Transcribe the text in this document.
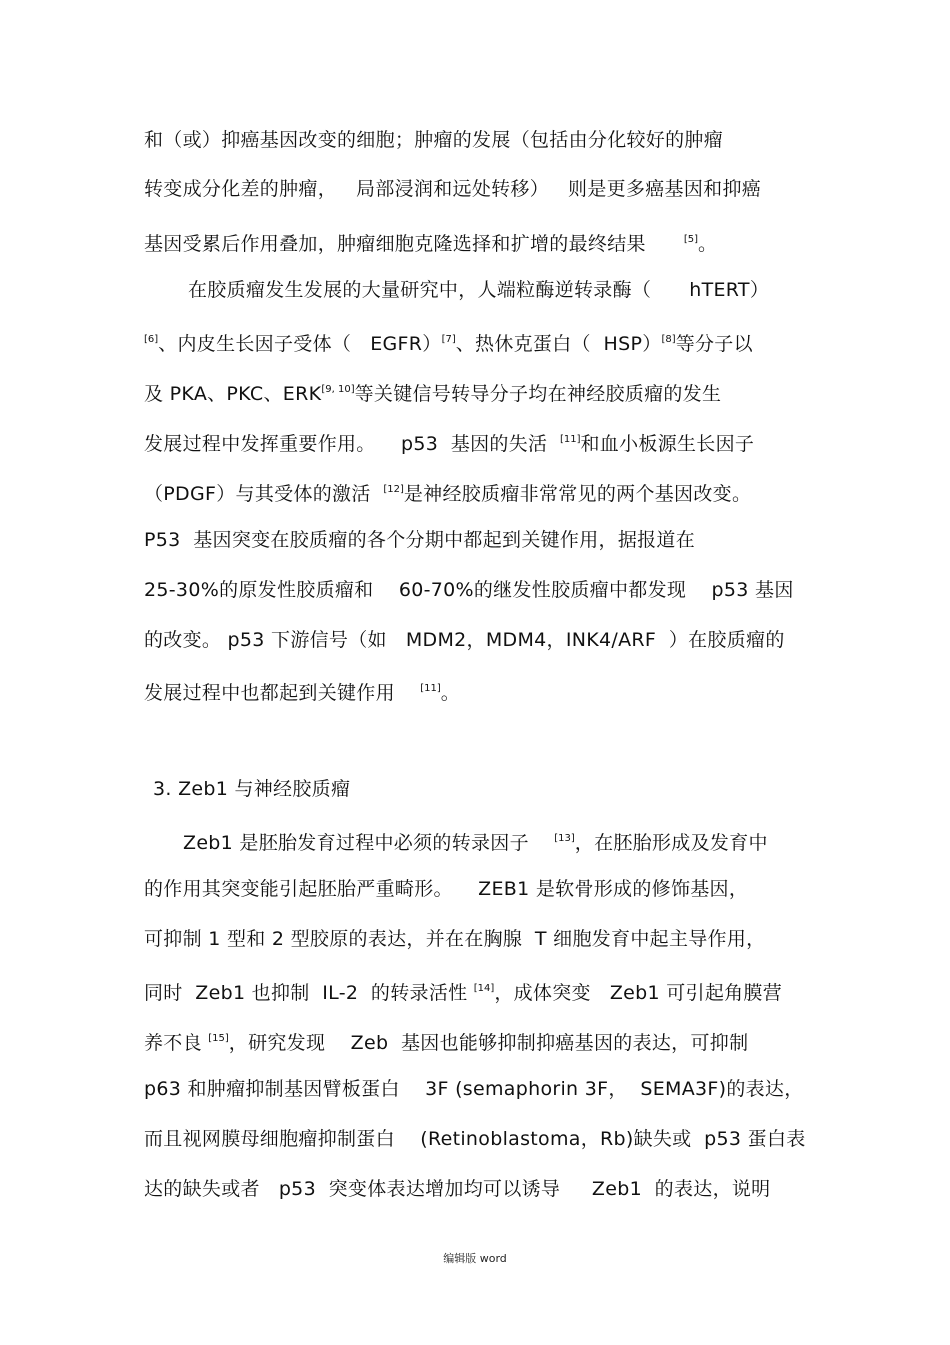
和（或）抑癌基因改变的细胞；肿瘤的发展（包括由分化较好的肿瘤
转变成分化差的肿瘤，   局部浸润和远处转移）   则是更多癌基因和抑癌
基因受累后作用叠加，肿瘤细胞克隆选择和扩增的最终结果      [5]。
在胶质瘤发生发展的大量研究中，人端粒酶逆转录酶（      hTERT）
[6]、内皮生长因子受体（   EGFR）[7]、热休克蛋白（  HSP）[8]等分子以
及 PKA、PKC、ERK[9, 10]等关键信号转导分子均在神经胶质瘤的发生
发展过程中发挥重要作用。    p53  基因的失活  [11]和血小板源生长因子
（PDGF）与其受体的激活  [12]是神经胶质瘤非常常见的两个基因改变。
P53  基因突变在胶质瘤的各个分期中都起到关键作用，据报道在
25-30%的原发性胶质瘤和    60-70%的继发性胶质瘤中都发现    p53 基因
的改变。 p53 下游信号（如   MDM2，MDM4，INK4/ARF  ）在胶质瘤的
发展过程中也都起到关键作用    [11]。
3. Zeb1 与神经胶质瘤
Zeb1 是胚胎发育过程中必须的转录因子    [13]，在胚胎形成及发育中
的作用其突变能引起胚胎严重畸形。    ZEB1 是软骨形成的修饰基因，
可抑制 1 型和 2 型胶原的表达，并在在胸腺  T 细胞发育中起主导作用，
同时  Zeb1 也抑制  IL-2  的转录活性 [14]，成体突变   Zeb1 可引起角膜营
养不良 [15]，研究发现    Zeb  基因也能够抑制抑癌基因的表达，可抑制
p63 和肿瘤抑制基因臂板蛋白    3F (semaphorin 3F，  SEMA3F)的表达，
而且视网膜母细胞瘤抑制蛋白    (Retinoblastoma，Rb)缺失或  p53 蛋白表
达的缺失或者   p53  突变体表达增加均可以诱导     Zeb1  的表达，说明
编辑版 word
